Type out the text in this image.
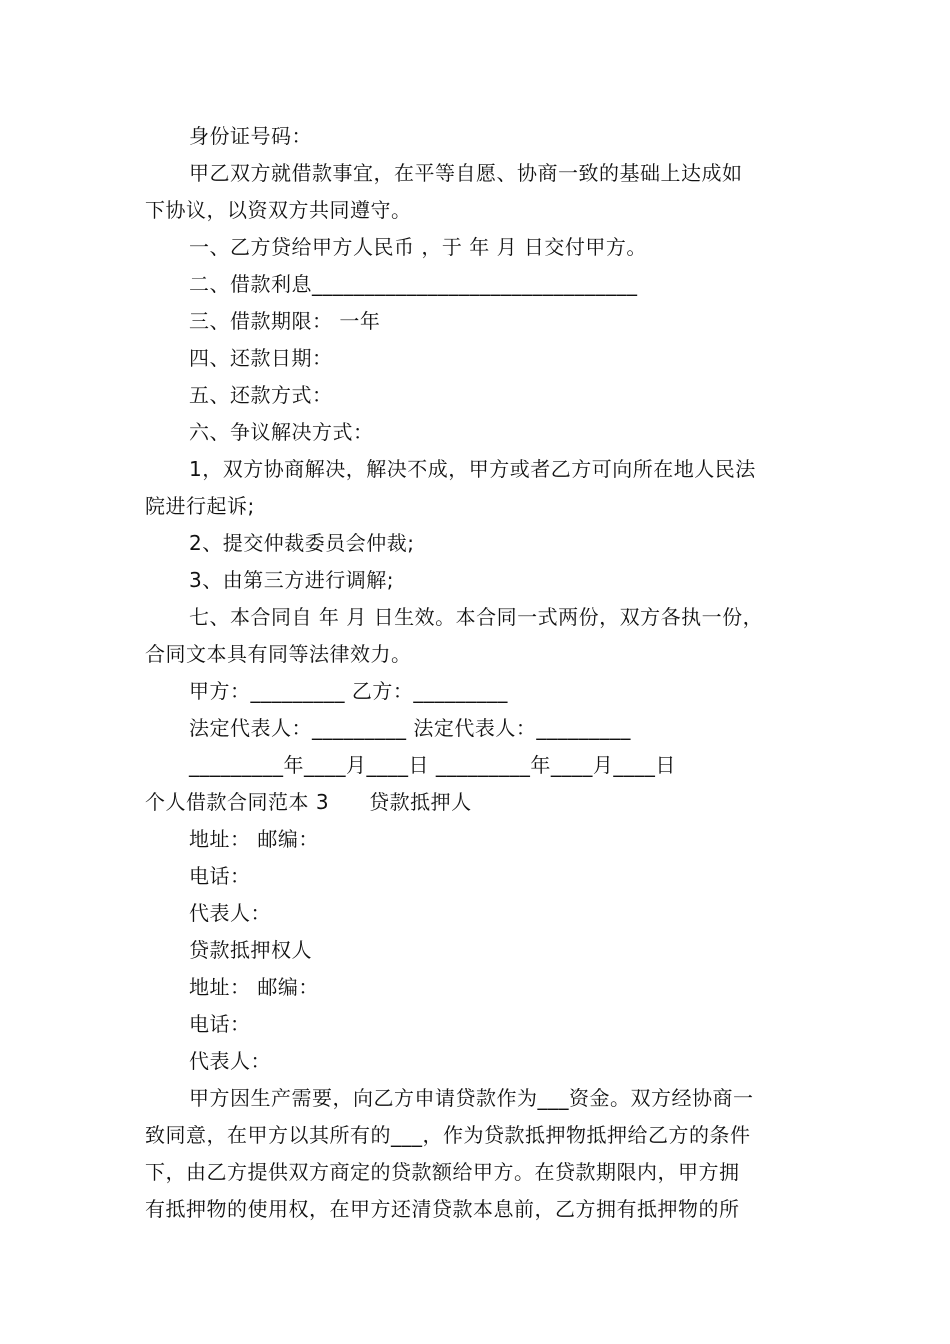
身份证号码：
甲乙双方就借款事宜，在平等自愿、协商一致的基础上达成如
下协议，以资双方共同遵守。
一、乙方贷给甲方人民币 ，于 年 月 日交付甲方。
二、借款利息_______________________________
三、借款期限： 一年
四、还款日期：
五、还款方式：
六、争议解决方式：
1，双方协商解决，解决不成，甲方或者乙方可向所在地人民法
院进行起诉;
2、提交仲裁委员会仲裁;
3、由第三方进行调解;
七、本合同自 年 月 日生效。本合同一式两份，双方各执一份，
合同文本具有同等法律效力。
甲方：_________ 乙方：_________
法定代表人：_________ 法定代表人：_________
_________年____月____日 _________年____月____日
个人借款合同范本 3 贷款抵押人
地址： 邮编：
电话：
代表人：
贷款抵押权人
地址： 邮编：
电话：
代表人：
甲方因生产需要，向乙方申请贷款作为___资金。双方经协商一
致同意，在甲方以其所有的___，作为贷款抵押物抵押给乙方的条件
下，由乙方提供双方商定的贷款额给甲方。在贷款期限内，甲方拥
有抵押物的使用权，在甲方还清贷款本息前，乙方拥有抵押物的所
